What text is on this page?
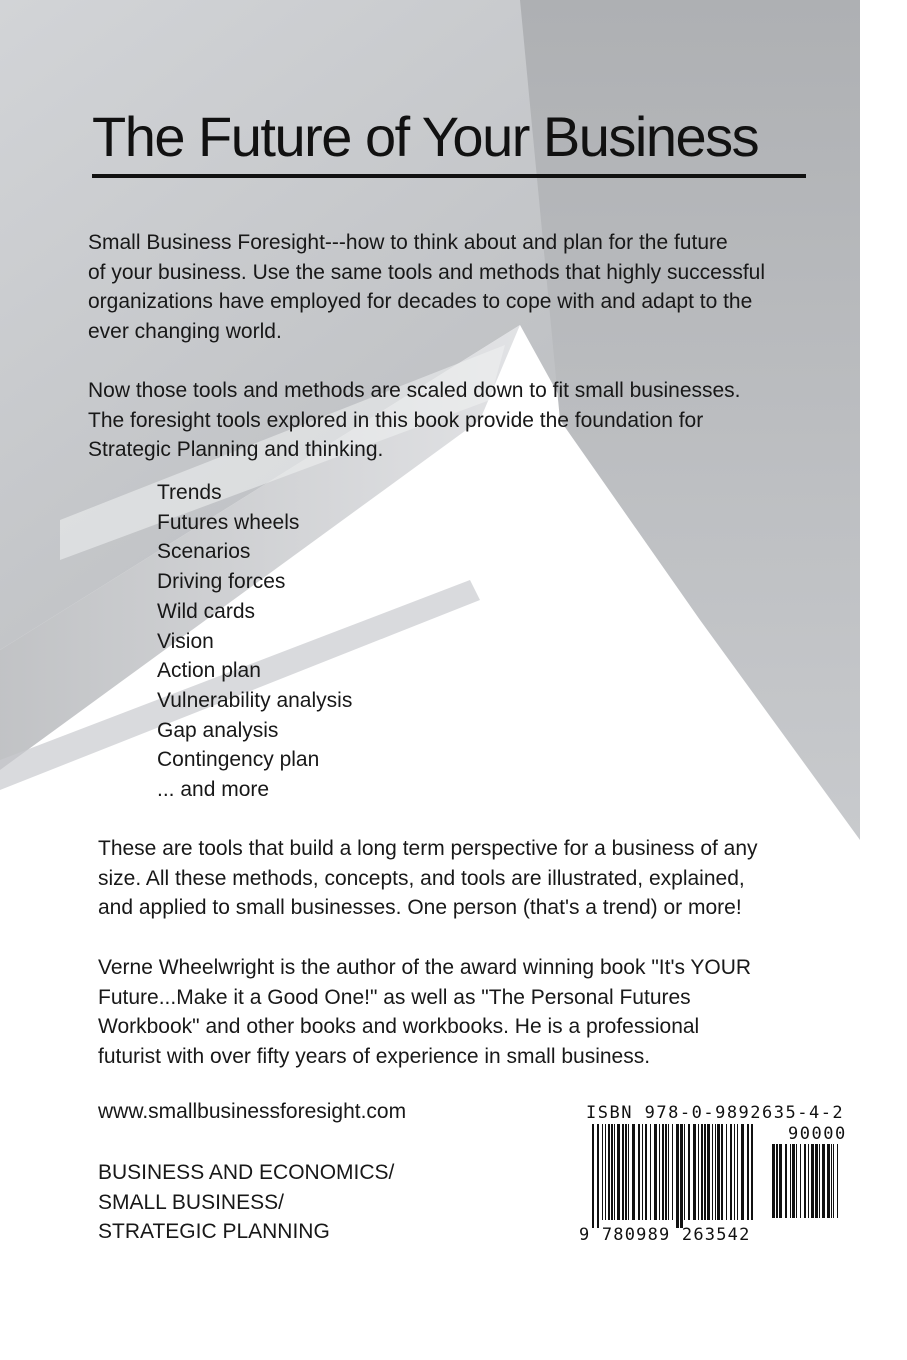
The Future of Your Business
Small Business Foresight---how to think about and plan for the future
of your business. Use the same tools and methods that highly successful
organizations have employed for decades to cope with and adapt to the
ever changing world.
Now those tools and methods are scaled down to fit small businesses.
The foresight tools explored in this book provide the foundation for
Strategic Planning and thinking.
Trends
Futures wheels
Scenarios
Driving forces
Wild cards
Vision
Action plan
Vulnerability analysis
Gap analysis
Contingency plan
... and more
These are tools that build a long term perspective for a business of any
size. All these methods, concepts, and tools are illustrated, explained,
and applied to small businesses. One person (that's a trend) or more!
Verne Wheelwright is the author of the award winning book "It's YOUR
Future...Make it a Good One!" as well as "The Personal Futures
Workbook" and other books and workbooks. He is a professional
futurist with over fifty years of experience in small business.
www.smallbusinessforesight.com
BUSINESS AND ECONOMICS/
SMALL BUSINESS/
STRATEGIC PLANNING
ISBN 978-0-9892635-4-2
90000
9 780989 263542
